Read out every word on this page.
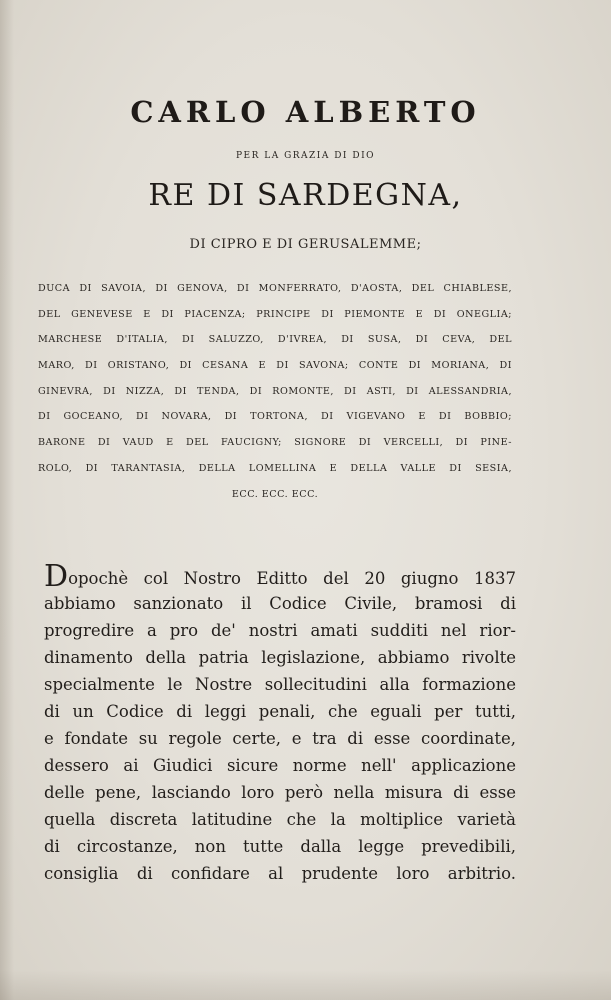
CARLO ALBERTO
PER LA GRAZIA DI DIO
RE DI SARDEGNA,
DI CIPRO E DI GERUSALEMME;
DUCA DI SAVOIA, DI GENOVA, DI MONFERRATO, D'AOSTA, DEL CHIABLESE,
DEL GENEVESE E DI PIACENZA; PRINCIPE DI PIEMONTE E DI ONEGLIA;
MARCHESE D'ITALIA, DI SALUZZO, D'IVREA, DI SUSA, DI CEVA, DEL
MARO, DI ORISTANO, DI CESANA E DI SAVONA; CONTE DI MORIANA, DI
GINEVRA, DI NIZZA, DI TENDA, DI ROMONTE, DI ASTI, DI ALESSANDRIA,
DI GOCEANO, DI NOVARA, DI TORTONA, DI VIGEVANO E DI BOBBIO;
BARONE DI VAUD E DEL FAUCIGNY; SIGNORE DI VERCELLI, DI PINE-
ROLO, DI TARANTASIA, DELLA LOMELLINA E DELLA VALLE DI SESIA,
ECC. ECC. ECC.
Dopochè col Nostro Editto del 20 giugno 1837
abbiamo sanzionato il Codice Civile, bramosi di
progredire a pro de' nostri amati sudditi nel rior-
dinamento della patria legislazione, abbiamo rivolte
specialmente le Nostre sollecitudini alla formazione
di un Codice di leggi penali, che eguali per tutti,
e fondate su regole certe, e tra di esse coordinate,
dessero ai Giudici sicure norme nell' applicazione
delle pene, lasciando loro però nella misura di esse
quella discreta latitudine che la moltiplice varietà
di circostanze, non tutte dalla legge prevedibili,
consiglia di confidare al prudente loro arbitrio.
